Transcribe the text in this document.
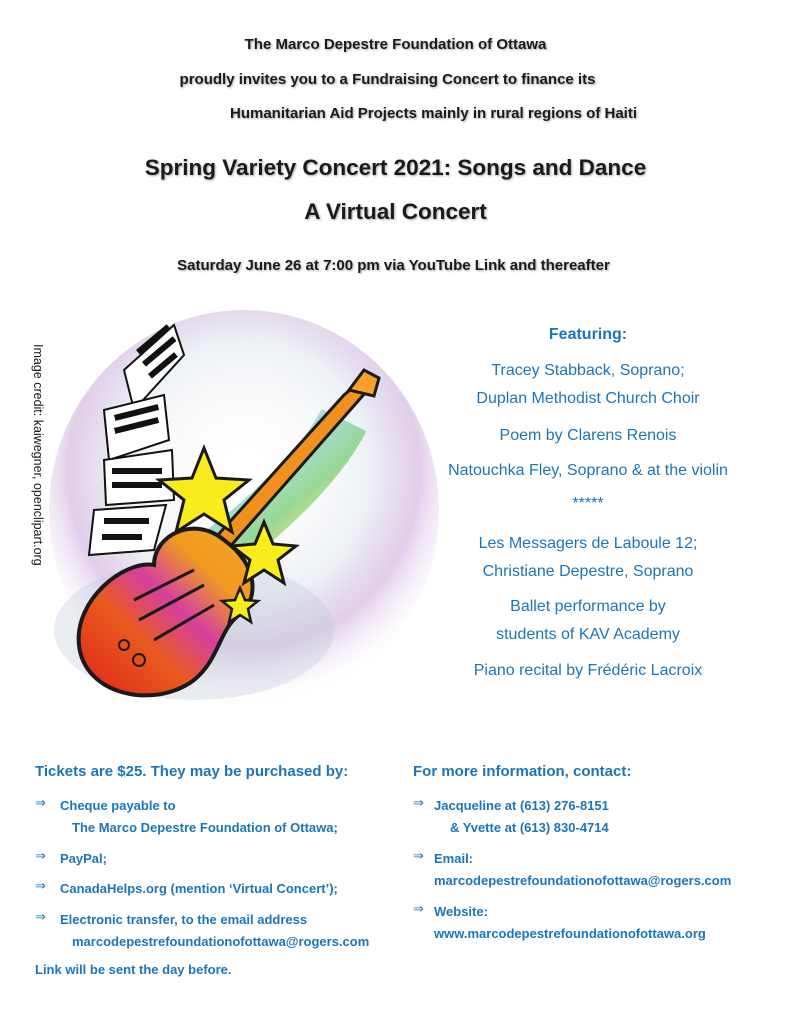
The Marco Depestre Foundation of Ottawa
proudly invites you to a Fundraising Concert to finance its
Humanitarian Aid Projects mainly in rural regions of Haiti
Spring Variety Concert 2021: Songs and Dance
A Virtual Concert
Saturday June 26 at 7:00 pm via YouTube Link and thereafter
Image credit: kaiwegner, openclipart.org
Featuring:
Tracey Stabback, Soprano;
Duplan Methodist Church Choir
Poem by Clarens Renois
Natouchka Fley, Soprano & at the violin
*****
Les Messagers de Laboule 12;
Christiane Depestre, Soprano
Ballet performance by
students of KAV Academy
Piano recital by Frédéric Lacroix
Tickets are $25. They may be purchased by:
⇒	Cheque payable to
The Marco Depestre Foundation of Ottawa;
⇒	PayPal;
⇒	CanadaHelps.org (mention ‘Virtual Concert’);
⇒	Electronic transfer, to the email address
marcodepestrefoundationofottawa@rogers.com
Link will be sent the day before.
For more information, contact:
⇒ Jacqueline at (613) 276-8151
& Yvette at (613) 830-4714
⇒ Email:
marcodepestrefoundationofottawa@rogers.com
⇒ Website:
www.marcodepestrefoundationofottawa.org
